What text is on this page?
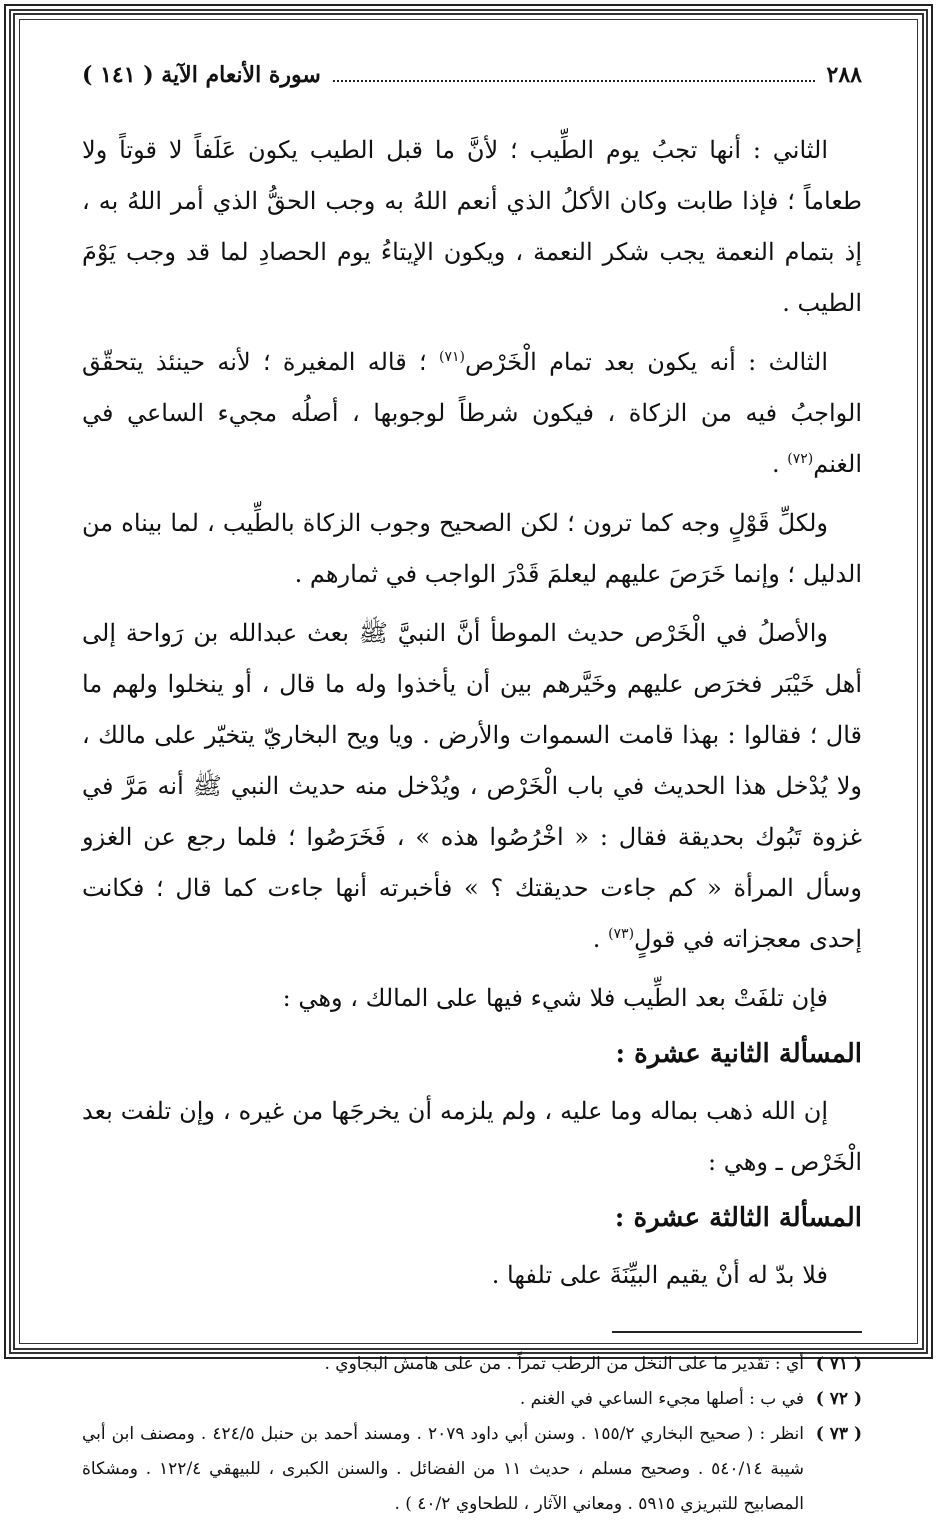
٢٨٨
سورة الأنعام الآية ( ١٤١ )

الثاني : أنها تجبُ يوم الطِّيب ؛ لأنَّ ما قبل الطيب يكون عَلَفاً لا قوتاً ولا طعاماً ؛ فإذا طابت وكان الأكلُ الذي أنعم اللهُ به وجب الحقُّ الذي أمر اللهُ به ، إذ بتمام النعمة يجب شكر النعمة ، ويكون الإيتاءُ يوم الحصادِ لما قد وجب يَوْمَ الطيب .

الثالث : أنه يكون بعد تمام الْخَرْص$^{(٧١)}$ ؛ قاله المغيرة ؛ لأنه حينئذ يتحقّق الواجبُ فيه من الزكاة ، فيكون شرطاً لوجوبها ، أصلُه مجيء الساعي في الغنم$^{(٧٢)}$ .

ولكلِّ قَوْلٍ وجه كما ترون ؛ لكن الصحيح وجوب الزكاة بالطِّيب ، لما بيناه من الدليل ؛ وإنما خَرَصَ عليهم ليعلمَ قَدْرَ الواجب في ثمارهم .

والأصلُ في الْخَرْص حديث الموطأ أنَّ النبيَّ ﷺ بعث عبدالله بن رَواحة إلى أهل خَيْبَر فخرَص عليهم وخَيَّرهم بين أن يأخذوا وله ما قال ، أو ينخلوا ولهم ما قال ؛ فقالوا : بهذا قامت السموات والأرض . ويا ويح البخاريّ يتخيّر على مالك ، ولا يُدْخل هذا الحديث في باب الْخَرْص ، ويُدْخل منه حديث النبي ﷺ أنه مَرَّ في غزوة تَبُوك بحديقة فقال : « اخْرُصُوا هذه » ، فَخَرَصُوا ؛ فلما رجع عن الغزو وسأل المرأة « كم جاءت حديقتك ؟ » فأخبرته أنها جاءت كما قال ؛ فكانت إحدى معجزاته في قولٍ$^{(٧٣)}$ .

فإن تلفَتْ بعد الطِّيب فلا شيء فيها على المالك ، وهي :

المسألة الثانية عشرة :

إن الله ذهب بماله وما عليه ، ولم يلزمه أن يخرجَها من غيره ، وإن تلفت بعد الْخَرْص ـ وهي :

المسألة الثالثة عشرة :

فلا بدّ له أنْ يقيم البيِّنَةَ على تلفها .

( ٧١ )
أي : تقدير ما على النخل من الرطب تمراً . من على هامش البجاوي .
( ٧٢ )
في ب : أصلها مجيء الساعي في الغنم .
( ٧٣ )
انظر : ( صحيح البخاري ١٥٥/٢ . وسنن أبي داود ٢٠٧٩ . ومسند أحمد بن حنبل ٤٢٤/٥ . ومصنف ابن أبي شيبة ٥٤٠/١٤ . وصحيح مسلم ، حديث ١١ من الفضائل . والسنن الكبرى ، للبيهقي ١٢٢/٤ . ومشكاة المصابيح للتبريزي ٥٩١٥ . ومعاني الآثار ، للطحاوي ٤٠/٢ ) .
